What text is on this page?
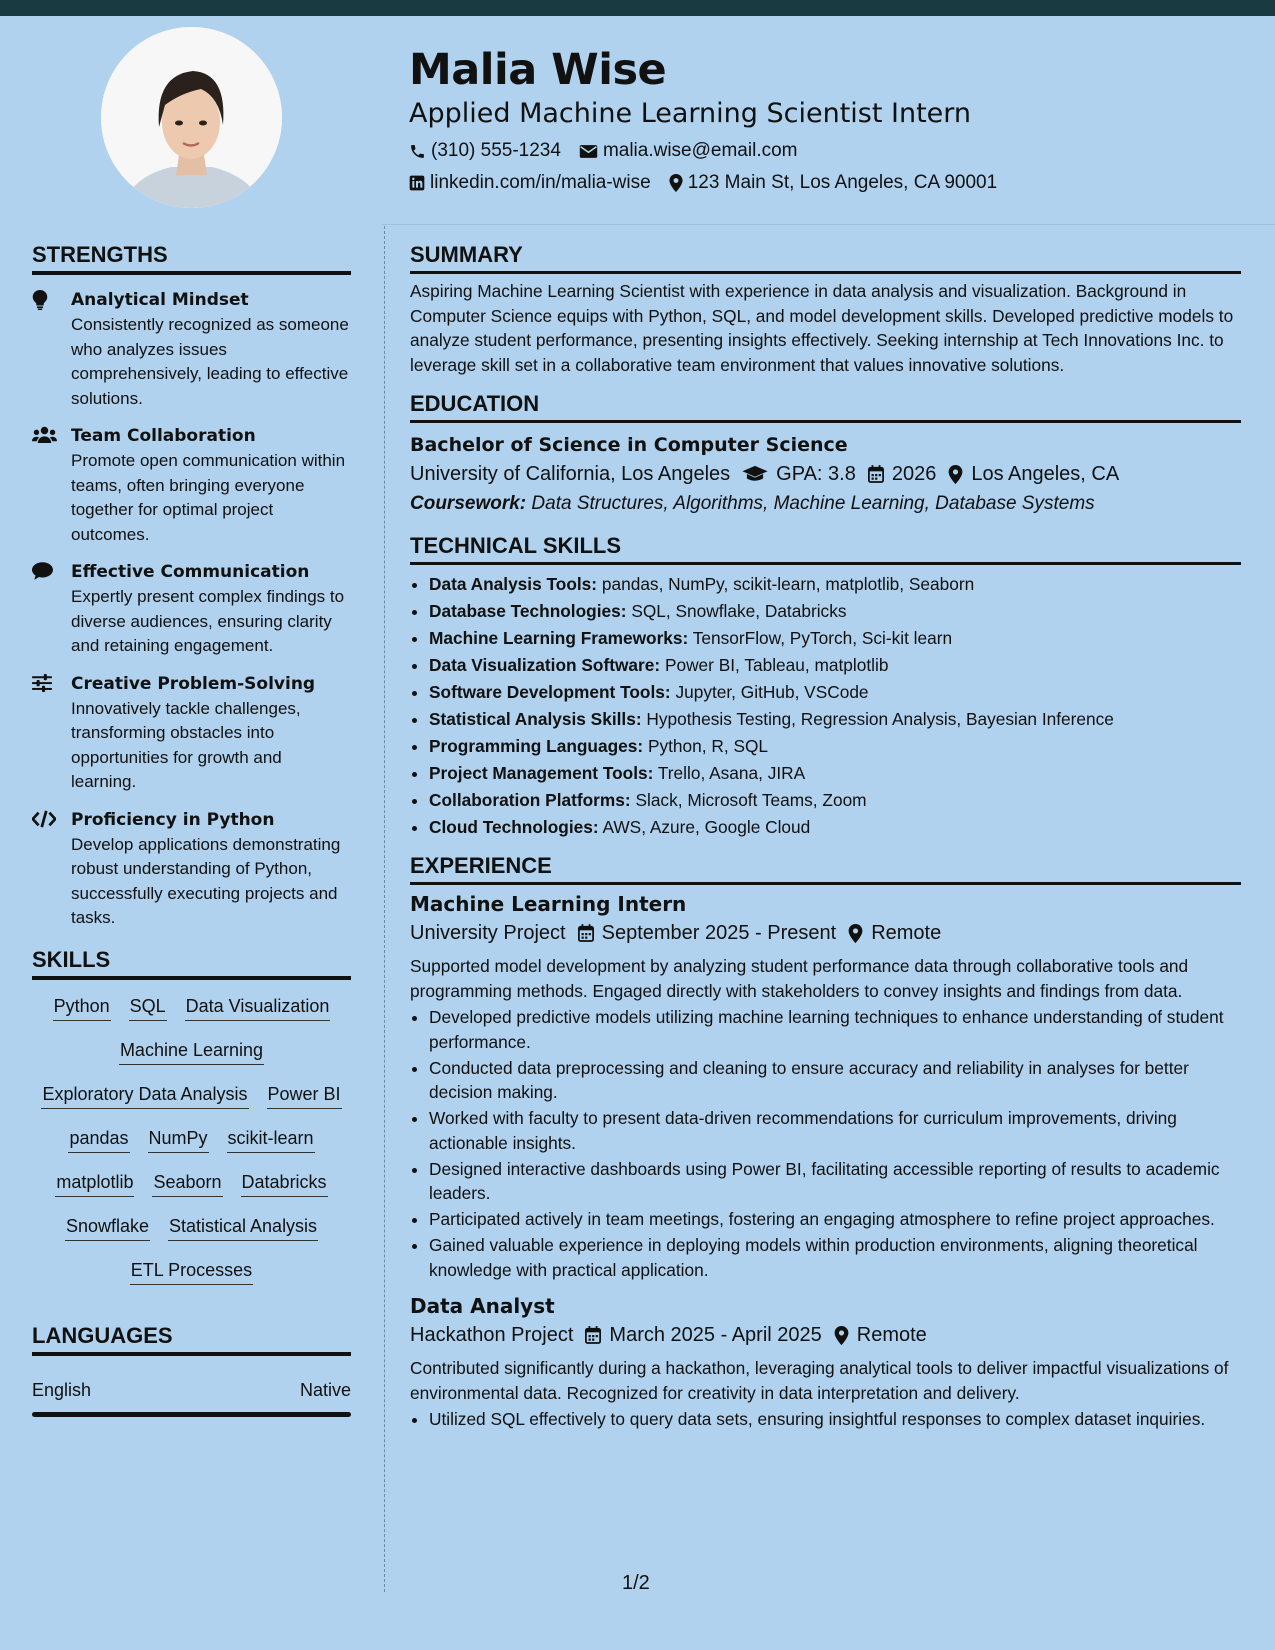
Malia Wise
Applied Machine Learning Scientist Intern
(310) 555-1234 malia.wise@email.com
linkedin.com/in/malia-wise 123 Main St, Los Angeles, CA 90001
STRENGTHS
Analytical Mindset
Consistently recognized as someone who analyzes issues comprehensively, leading to effective solutions.
Team Collaboration
Promote open communication within teams, often bringing everyone together for optimal project outcomes.
Effective Communication
Expertly present complex findings to diverse audiences, ensuring clarity and retaining engagement.
Creative Problem-Solving
Innovatively tackle challenges, transforming obstacles into opportunities for growth and learning.
Proficiency in Python
Develop applications demonstrating robust understanding of Python, successfully executing projects and tasks.
SKILLS
Python SQL Data Visualization
Machine Learning
Exploratory Data Analysis Power BI
pandas NumPy scikit-learn
matplotlib Seaborn Databricks
Snowflake Statistical Analysis
ETL Processes
LANGUAGES
English	Native
SUMMARY
Aspiring Machine Learning Scientist with experience in data analysis and visualization. Background in Computer Science equips with Python, SQL, and model development skills. Developed predictive models to analyze student performance, presenting insights effectively. Seeking internship at Tech Innovations Inc. to leverage skill set in a collaborative team environment that values innovative solutions.
EDUCATION
Bachelor of Science in Computer Science
University of California, Los Angeles GPA: 3.8 2026 Los Angeles, CA
Coursework: Data Structures, Algorithms, Machine Learning, Database Systems
TECHNICAL SKILLS
• Data Analysis Tools: pandas, NumPy, scikit-learn, matplotlib, Seaborn
• Database Technologies: SQL, Snowflake, Databricks
• Machine Learning Frameworks: TensorFlow, PyTorch, Sci-kit learn
• Data Visualization Software: Power BI, Tableau, matplotlib
• Software Development Tools: Jupyter, GitHub, VSCode
• Statistical Analysis Skills: Hypothesis Testing, Regression Analysis, Bayesian Inference
• Programming Languages: Python, R, SQL
• Project Management Tools: Trello, Asana, JIRA
• Collaboration Platforms: Slack, Microsoft Teams, Zoom
• Cloud Technologies: AWS, Azure, Google Cloud
EXPERIENCE
Machine Learning Intern
University Project September 2025 - Present Remote
Supported model development by analyzing student performance data through collaborative tools and programming methods. Engaged directly with stakeholders to convey insights and findings from data.
• Developed predictive models utilizing machine learning techniques to enhance understanding of student performance.
• Conducted data preprocessing and cleaning to ensure accuracy and reliability in analyses for better decision making.
• Worked with faculty to present data-driven recommendations for curriculum improvements, driving actionable insights.
• Designed interactive dashboards using Power BI, facilitating accessible reporting of results to academic leaders.
• Participated actively in team meetings, fostering an engaging atmosphere to refine project approaches.
• Gained valuable experience in deploying models within production environments, aligning theoretical knowledge with practical application.
Data Analyst
Hackathon Project March 2025 - April 2025 Remote
Contributed significantly during a hackathon, leveraging analytical tools to deliver impactful visualizations of environmental data. Recognized for creativity in data interpretation and delivery.
• Utilized SQL effectively to query data sets, ensuring insightful responses to complex dataset inquiries.
1/2
